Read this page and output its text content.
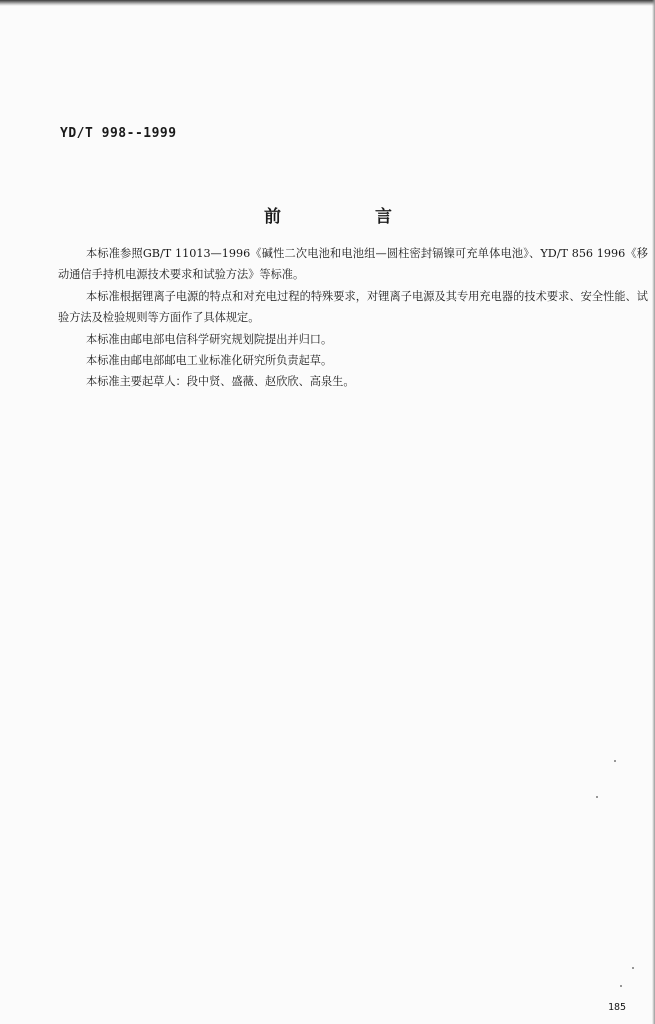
YD/T 998--1999
前 言

本标准参照GB/T 11013—1996《碱性二次电池和电池组—圆柱密封镉镍可充单体电池》、YD/T 856 1996《移动通信手持机电源技术要求和试验方法》等标准。

本标准根据锂离子电源的特点和对充电过程的特殊要求，对锂离子电源及其专用充电器的技术要求、安全性能、试验方法及检验规则等方面作了具体规定。

本标准由邮电部电信科学研究规划院提出并归口。

本标准由邮电部邮电工业标准化研究所负责起草。

本标准主要起草人：段中贤、盛薇、赵欣欣、高泉生。

185
